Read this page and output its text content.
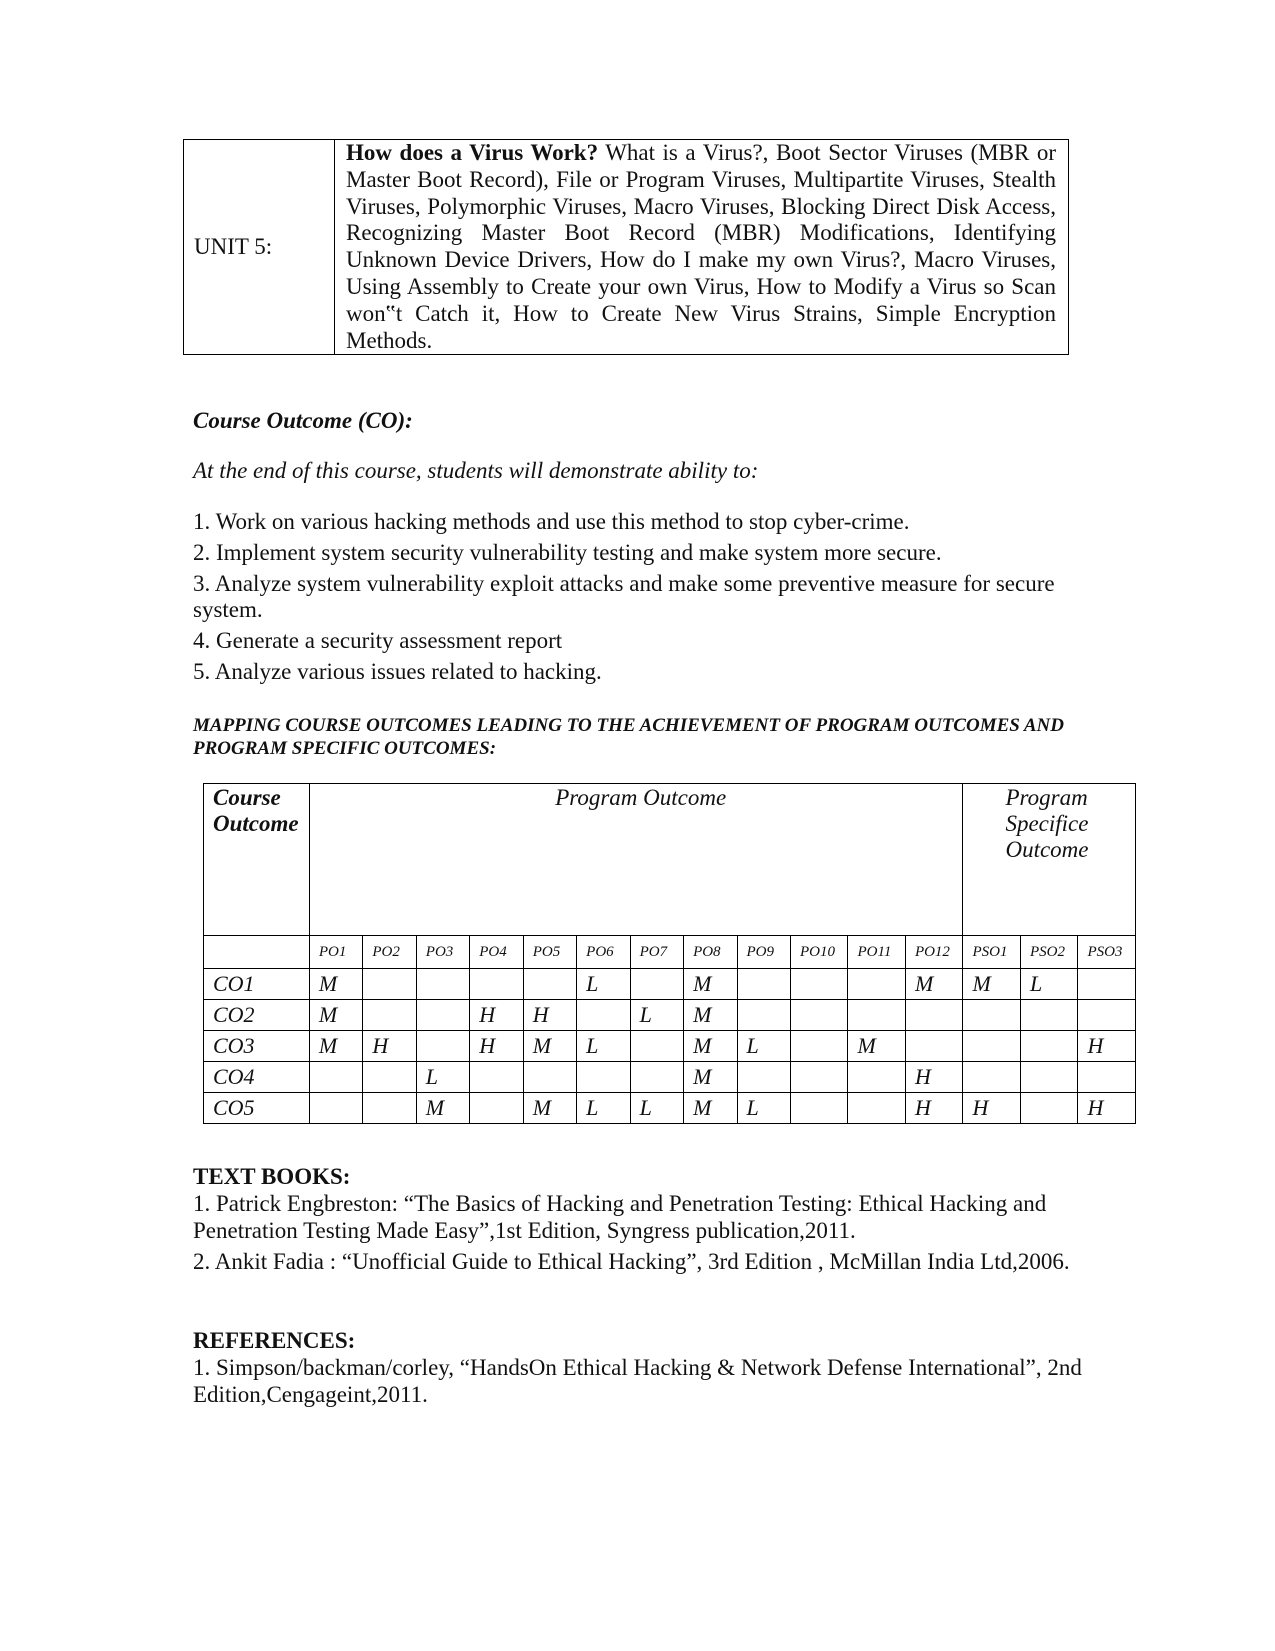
UNIT 5:	How does a Virus Work? What is a Virus?, Boot Sector Viruses (MBR or Master Boot Record), File or Program Viruses, Multipartite Viruses, Stealth Viruses, Polymorphic Viruses, Macro Viruses, Blocking Direct Disk Access, Recognizing Master Boot Record (MBR) Modifications, Identifying Unknown Device Drivers, How do I make my own Virus?, Macro Viruses, Using Assembly to Create your own Virus, How to Modify a Virus so Scan won‟t Catch it, How to Create New Virus Strains, Simple Encryption Methods.
Course Outcome (CO):
At the end of this course, students will demonstrate ability to:
1. Work on various hacking methods and use this method to stop cyber-crime.
2. Implement system security vulnerability testing and make system more secure.
3. Analyze system vulnerability exploit attacks and make some preventive measure for secure system.
4. Generate a security assessment report
5. Analyze various issues related to hacking.
MAPPING COURSE OUTCOMES LEADING TO THE ACHIEVEMENT OF PROGRAM OUTCOMES AND PROGRAM SPECIFIC OUTCOMES:
Course Outcome	Program Outcome												Program Specifice Outcome		
	PO1	PO2	PO3	PO4	PO5	PO6	PO7	PO8	PO9	PO10	PO11	PO12	PSO1	PSO2	PSO3
CO1	M					L		M				M	M	L	
CO2	M			H	H		L	M							
CO3	M	H		H	M	L		M	L		M				H
CO4			L					M				H			
CO5			M		M	L	L	M	L			H	H		H
TEXT BOOKS:
1. Patrick Engbreston: “The Basics of Hacking and Penetration Testing: Ethical Hacking and Penetration Testing Made Easy”,1st Edition, Syngress publication,2011.
2. Ankit Fadia : “Unofficial Guide to Ethical Hacking”, 3rd Edition , McMillan India Ltd,2006.
REFERENCES:
1. Simpson/backman/corley, “HandsOn Ethical Hacking & Network Defense International”, 2nd Edition,Cengageint,2011.
